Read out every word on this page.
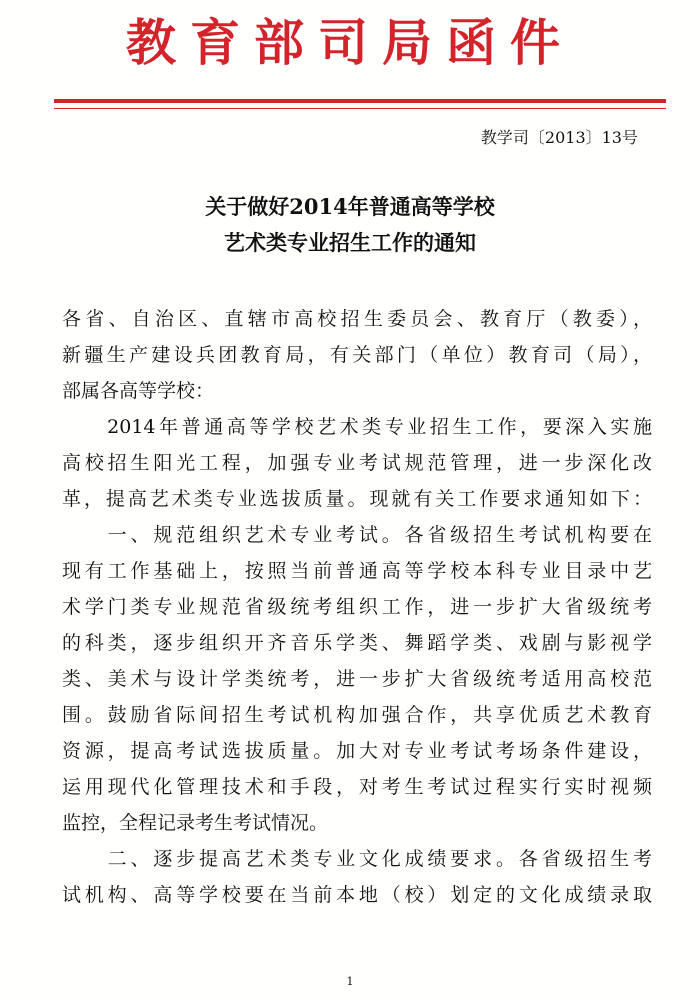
教育部司局函件
教学司〔2013〕13号
关于做好2014年普通高等学校
艺术类专业招生工作的通知
各省、自治区、直辖市高校招生委员会、教育厅（教委），
新疆生产建设兵团教育局，有关部门（单位）教育司（局），
部属各高等学校：
　　2014年普通高等学校艺术类专业招生工作，要深入实施
高校招生阳光工程，加强专业考试规范管理，进一步深化改
革，提高艺术类专业选拔质量。现就有关工作要求通知如下：
　　一、规范组织艺术专业考试。各省级招生考试机构要在
现有工作基础上，按照当前普通高等学校本科专业目录中艺
术学门类专业规范省级统考组织工作，进一步扩大省级统考
的科类，逐步组织开齐音乐学类、舞蹈学类、戏剧与影视学
类、美术与设计学类统考，进一步扩大省级统考适用高校范
围。鼓励省际间招生考试机构加强合作，共享优质艺术教育
资源，提高考试选拔质量。加大对专业考试考场条件建设，
运用现代化管理技术和手段，对考生考试过程实行实时视频
监控，全程记录考生考试情况。
　　二、逐步提高艺术类专业文化成绩要求。各省级招生考
试机构、高等学校要在当前本地（校）划定的文化成绩录取
1
